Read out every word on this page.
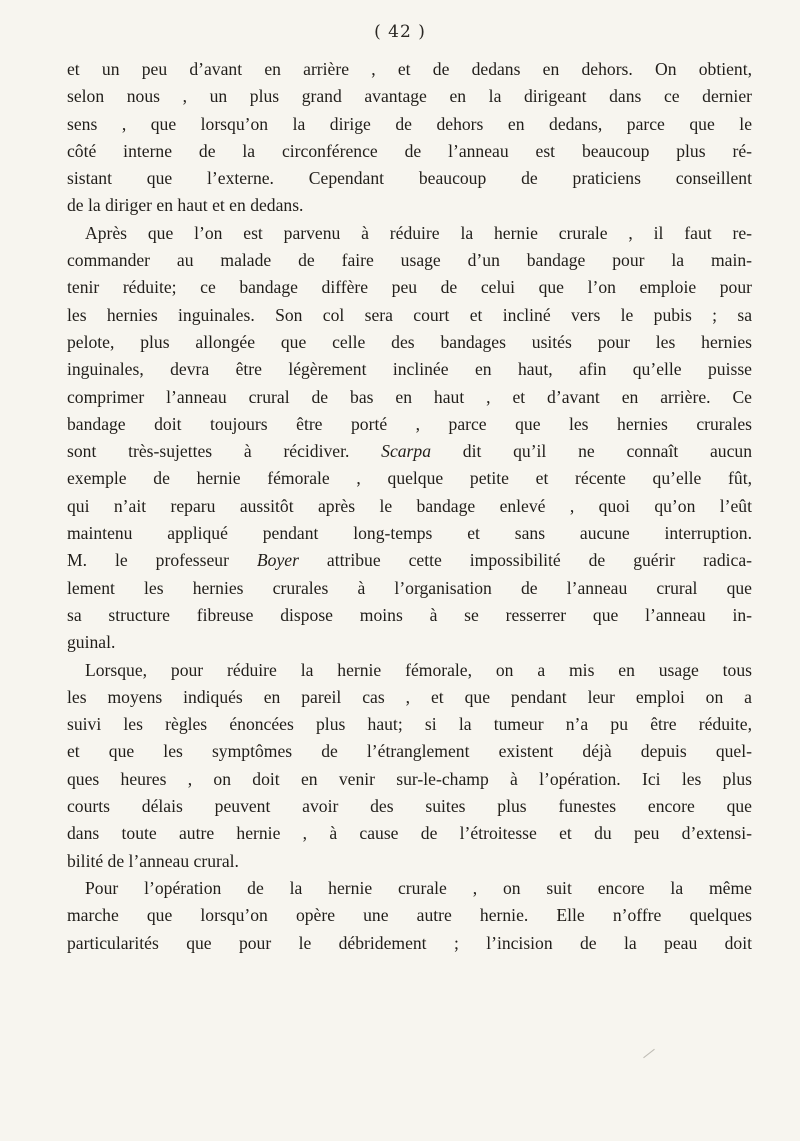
( 42 )

et un peu d’avant en arrière , et de dedans en dehors. On obtient,
selon nous , un plus grand avantage en la dirigeant dans ce dernier
sens , que lorsqu’on la dirige de dehors en dedans, parce que le
côté interne de la circonférence de l’anneau est beaucoup plus ré-
sistant que l’externe. Cependant beaucoup de praticiens conseillent
de la diriger en haut et en dedans.

Après que l’on est parvenu à réduire la hernie crurale , il faut re-
commander au malade de faire usage d’un bandage pour la main-
tenir réduite; ce bandage diffère peu de celui que l’on emploie pour
les hernies inguinales. Son col sera court et incliné vers le pubis ; sa
pelote, plus allongée que celle des bandages usités pour les hernies
inguinales, devra être légèrement inclinée en haut, afin qu’elle puisse
comprimer l’anneau crural de bas en haut , et d’avant en arrière. Ce
bandage doit toujours être porté , parce que les hernies crurales
sont très-sujettes à récidiver. Scarpa dit qu’il ne connaît aucun
exemple de hernie fémorale , quelque petite et récente qu’elle fût,
qui n’ait reparu aussitôt après le bandage enlevé , quoi qu’on l’eût
maintenu appliqué pendant long-temps et sans aucune interruption.
M. le professeur Boyer attribue cette impossibilité de guérir radica-
lement les hernies crurales à l’organisation de l’anneau crural que
sa structure fibreuse dispose moins à se resserrer que l’anneau in-
guinal.

Lorsque, pour réduire la hernie fémorale, on a mis en usage tous
les moyens indiqués en pareil cas , et que pendant leur emploi on a
suivi les règles énoncées plus haut; si la tumeur n’a pu être réduite,
et que les symptômes de l’étranglement existent déjà depuis quel-
ques heures , on doit en venir sur-le-champ à l’opération. Ici les plus
courts délais peuvent avoir des suites plus funestes encore que
dans toute autre hernie , à cause de l’étroitesse et du peu d’extensi-
bilité de l’anneau crural.

Pour l’opération de la hernie crurale , on suit encore la même
marche que lorsqu’on opère une autre hernie. Elle n’offre quelques
particularités que pour le débridement ; l’incision de la peau doit
